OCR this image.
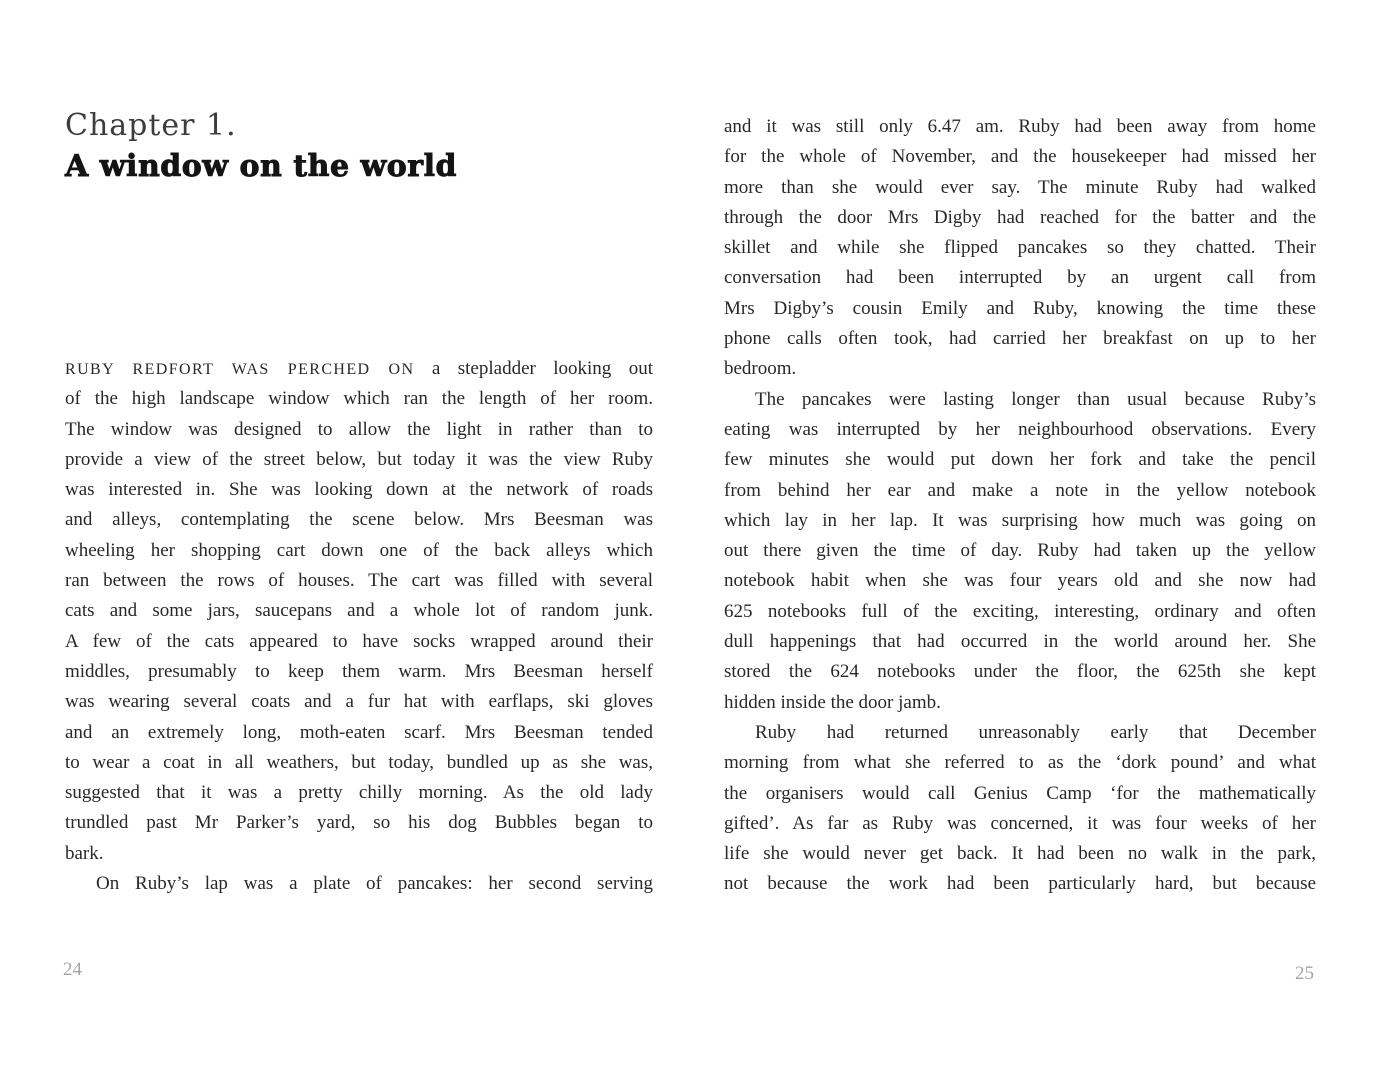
Chapter 1.
A window on the world
RUBY REDFORT WAS PERCHED ON a stepladder looking out
of the high landscape window which ran the length of her room.
The window was designed to allow the light in rather than to
provide a view of the street below, but today it was the view Ruby
was interested in. She was looking down at the network of roads
and alleys, contemplating the scene below. Mrs Beesman was
wheeling her shopping cart down one of the back alleys which
ran between the rows of houses. The cart was filled with several
cats and some jars, saucepans and a whole lot of random junk.
A few of the cats appeared to have socks wrapped around their
middles, presumably to keep them warm. Mrs Beesman herself
was wearing several coats and a fur hat with earflaps, ski gloves
and an extremely long, moth-eaten scarf. Mrs Beesman tended
to wear a coat in all weathers, but today, bundled up as she was,
suggested that it was a pretty chilly morning. As the old lady
trundled past Mr Parker’s yard, so his dog Bubbles began to
bark.
On Ruby’s lap was a plate of pancakes: her second serving
and it was still only 6.47 am. Ruby had been away from home
for the whole of November, and the housekeeper had missed her
more than she would ever say. The minute Ruby had walked
through the door Mrs Digby had reached for the batter and the
skillet and while she flipped pancakes so they chatted. Their
conversation had been interrupted by an urgent call from
Mrs Digby’s cousin Emily and Ruby, knowing the time these
phone calls often took, had carried her breakfast on up to her
bedroom.
The pancakes were lasting longer than usual because Ruby’s
eating was interrupted by her neighbourhood observations. Every
few minutes she would put down her fork and take the pencil
from behind her ear and make a note in the yellow notebook
which lay in her lap. It was surprising how much was going on
out there given the time of day. Ruby had taken up the yellow
notebook habit when she was four years old and she now had
625 notebooks full of the exciting, interesting, ordinary and often
dull happenings that had occurred in the world around her. She
stored the 624 notebooks under the floor, the 625th she kept
hidden inside the door jamb.
Ruby had returned unreasonably early that December
morning from what she referred to as the ‘dork pound’ and what
the organisers would call Genius Camp ‘for the mathematically
gifted’. As far as Ruby was concerned, it was four weeks of her
life she would never get back. It had been no walk in the park,
not because the work had been particularly hard, but because
24	25
